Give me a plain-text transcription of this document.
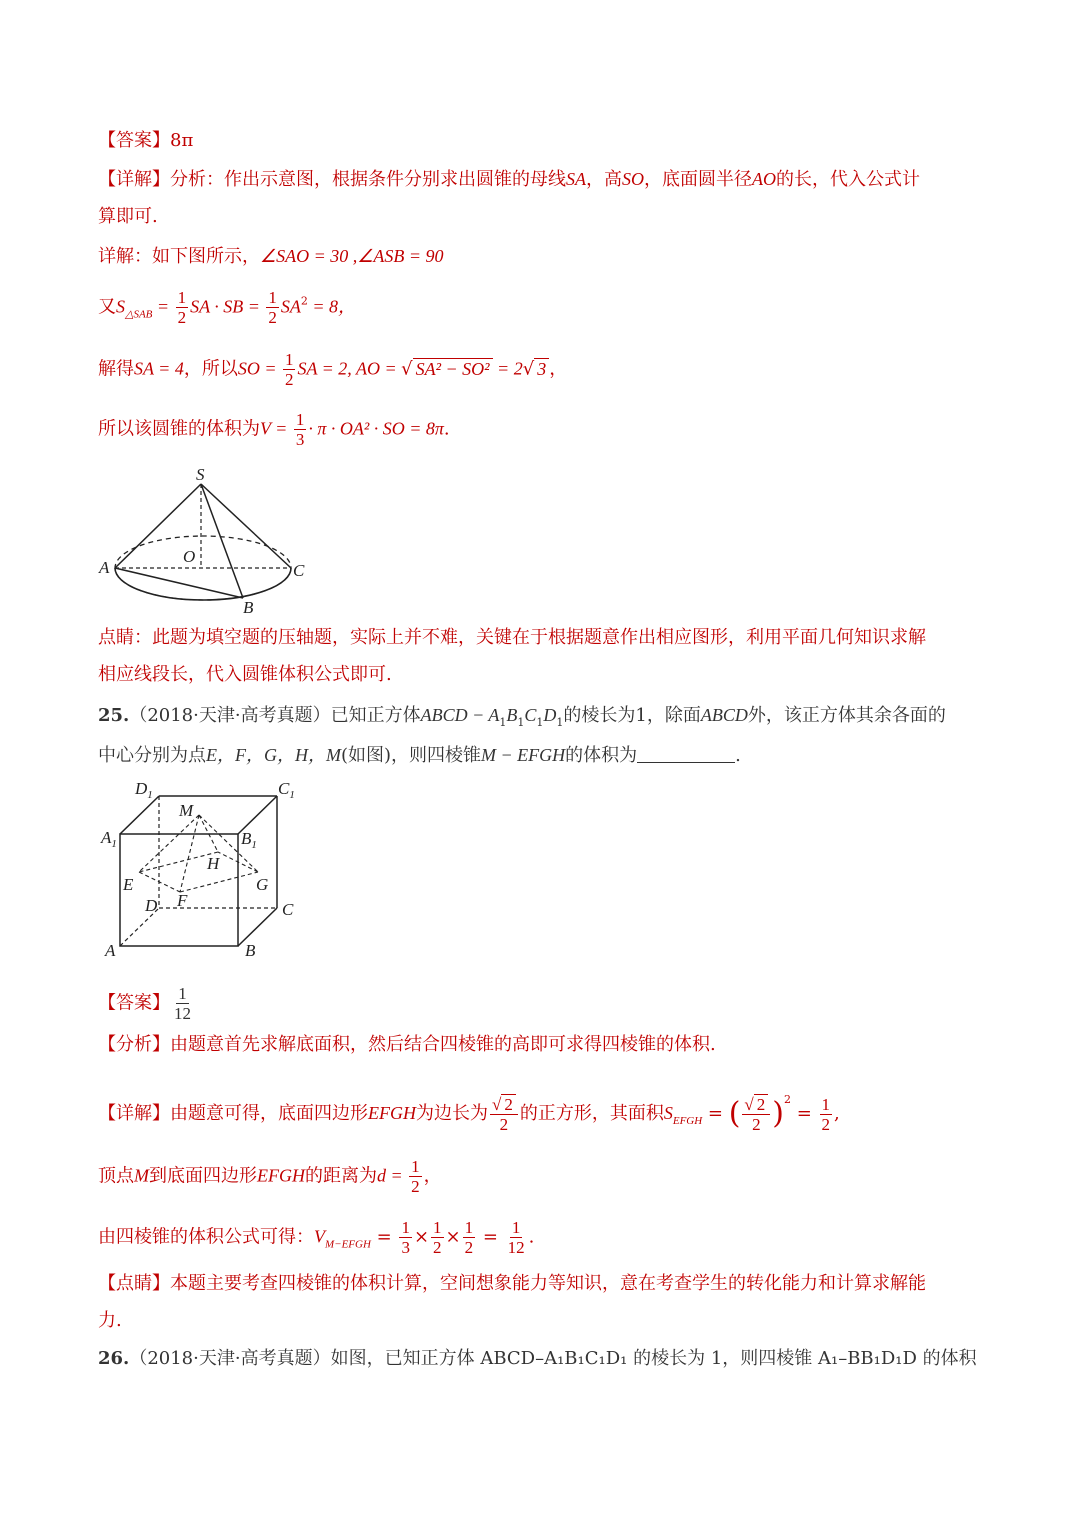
【答案】8π
【详解】分析：作出示意图，根据条件分别求出圆锥的母线SA，高SO，底面圆半径AO的长，代入公式计
算即可.
详解：如下图所示，∠SAO = 30 ,∠ASB = 90
又$S_{\triangle SAB} = \frac{1}{2}$ SA · SB = $\frac{1}{2} SA^2 = 8$，
解得SA = 4，所以SO = $\frac{1}{2}$ SA = 2, AO = √ SA² − SO² = 2√ 3 ，
所以该圆锥的体积为$V = \frac{1}{3} \cdot \pi \cdot OA^2$ · SO = 8π.
S
O
A	C
B
点睛：此题为填空题的压轴题，实际上并不难，关键在于根据题意作出相应图形，利用平面几何知识求解
相应线段长，代入圆锥体积公式即可.
25.（2018·天津·高考真题）已知正方体ABCD − $A_1B_1C_1D_1$的棱长为1，除面ABCD外，该正方体其余各面的
中心分别为点E，F，G，H，M(如图)，则四棱锥M − EFGH的体积为	.
$D_1$	$C_1$
M
$A_1$	$B_1$
H
E	G
D F	C
A	B
【答案】 $\frac{1}{12}$
【分析】由题意首先求解底面积，然后结合四棱锥的高即可求得四棱锥的体积.
【详解】由题意可得，底面四边形EFGH为边长为 $\frac{√ 2}{2}$ 的正方形，其面积$S_{EFGH}$ = ( $\frac{√ 2}{2} )^2 = \frac{1}{2}$ ,
顶点M到底面四边形EFGH的距离为$d = \frac{1}{2}$ ，
由四棱锥的体积公式可得：$V_{M-EFGH} = \frac{1}{3} \times \frac{1}{2} \times \frac{1}{2} = \frac{1}{12}$ .
【点睛】本题主要考查四棱锥的体积计算，空间想象能力等知识，意在考查学生的转化能力和计算求解能
力.
26.（2018·天津·高考真题）如图，已知正方体 ABCD–A₁B₁C₁D₁ 的棱长为 1，则四棱锥 A₁–BB₁D₁D 的体积
